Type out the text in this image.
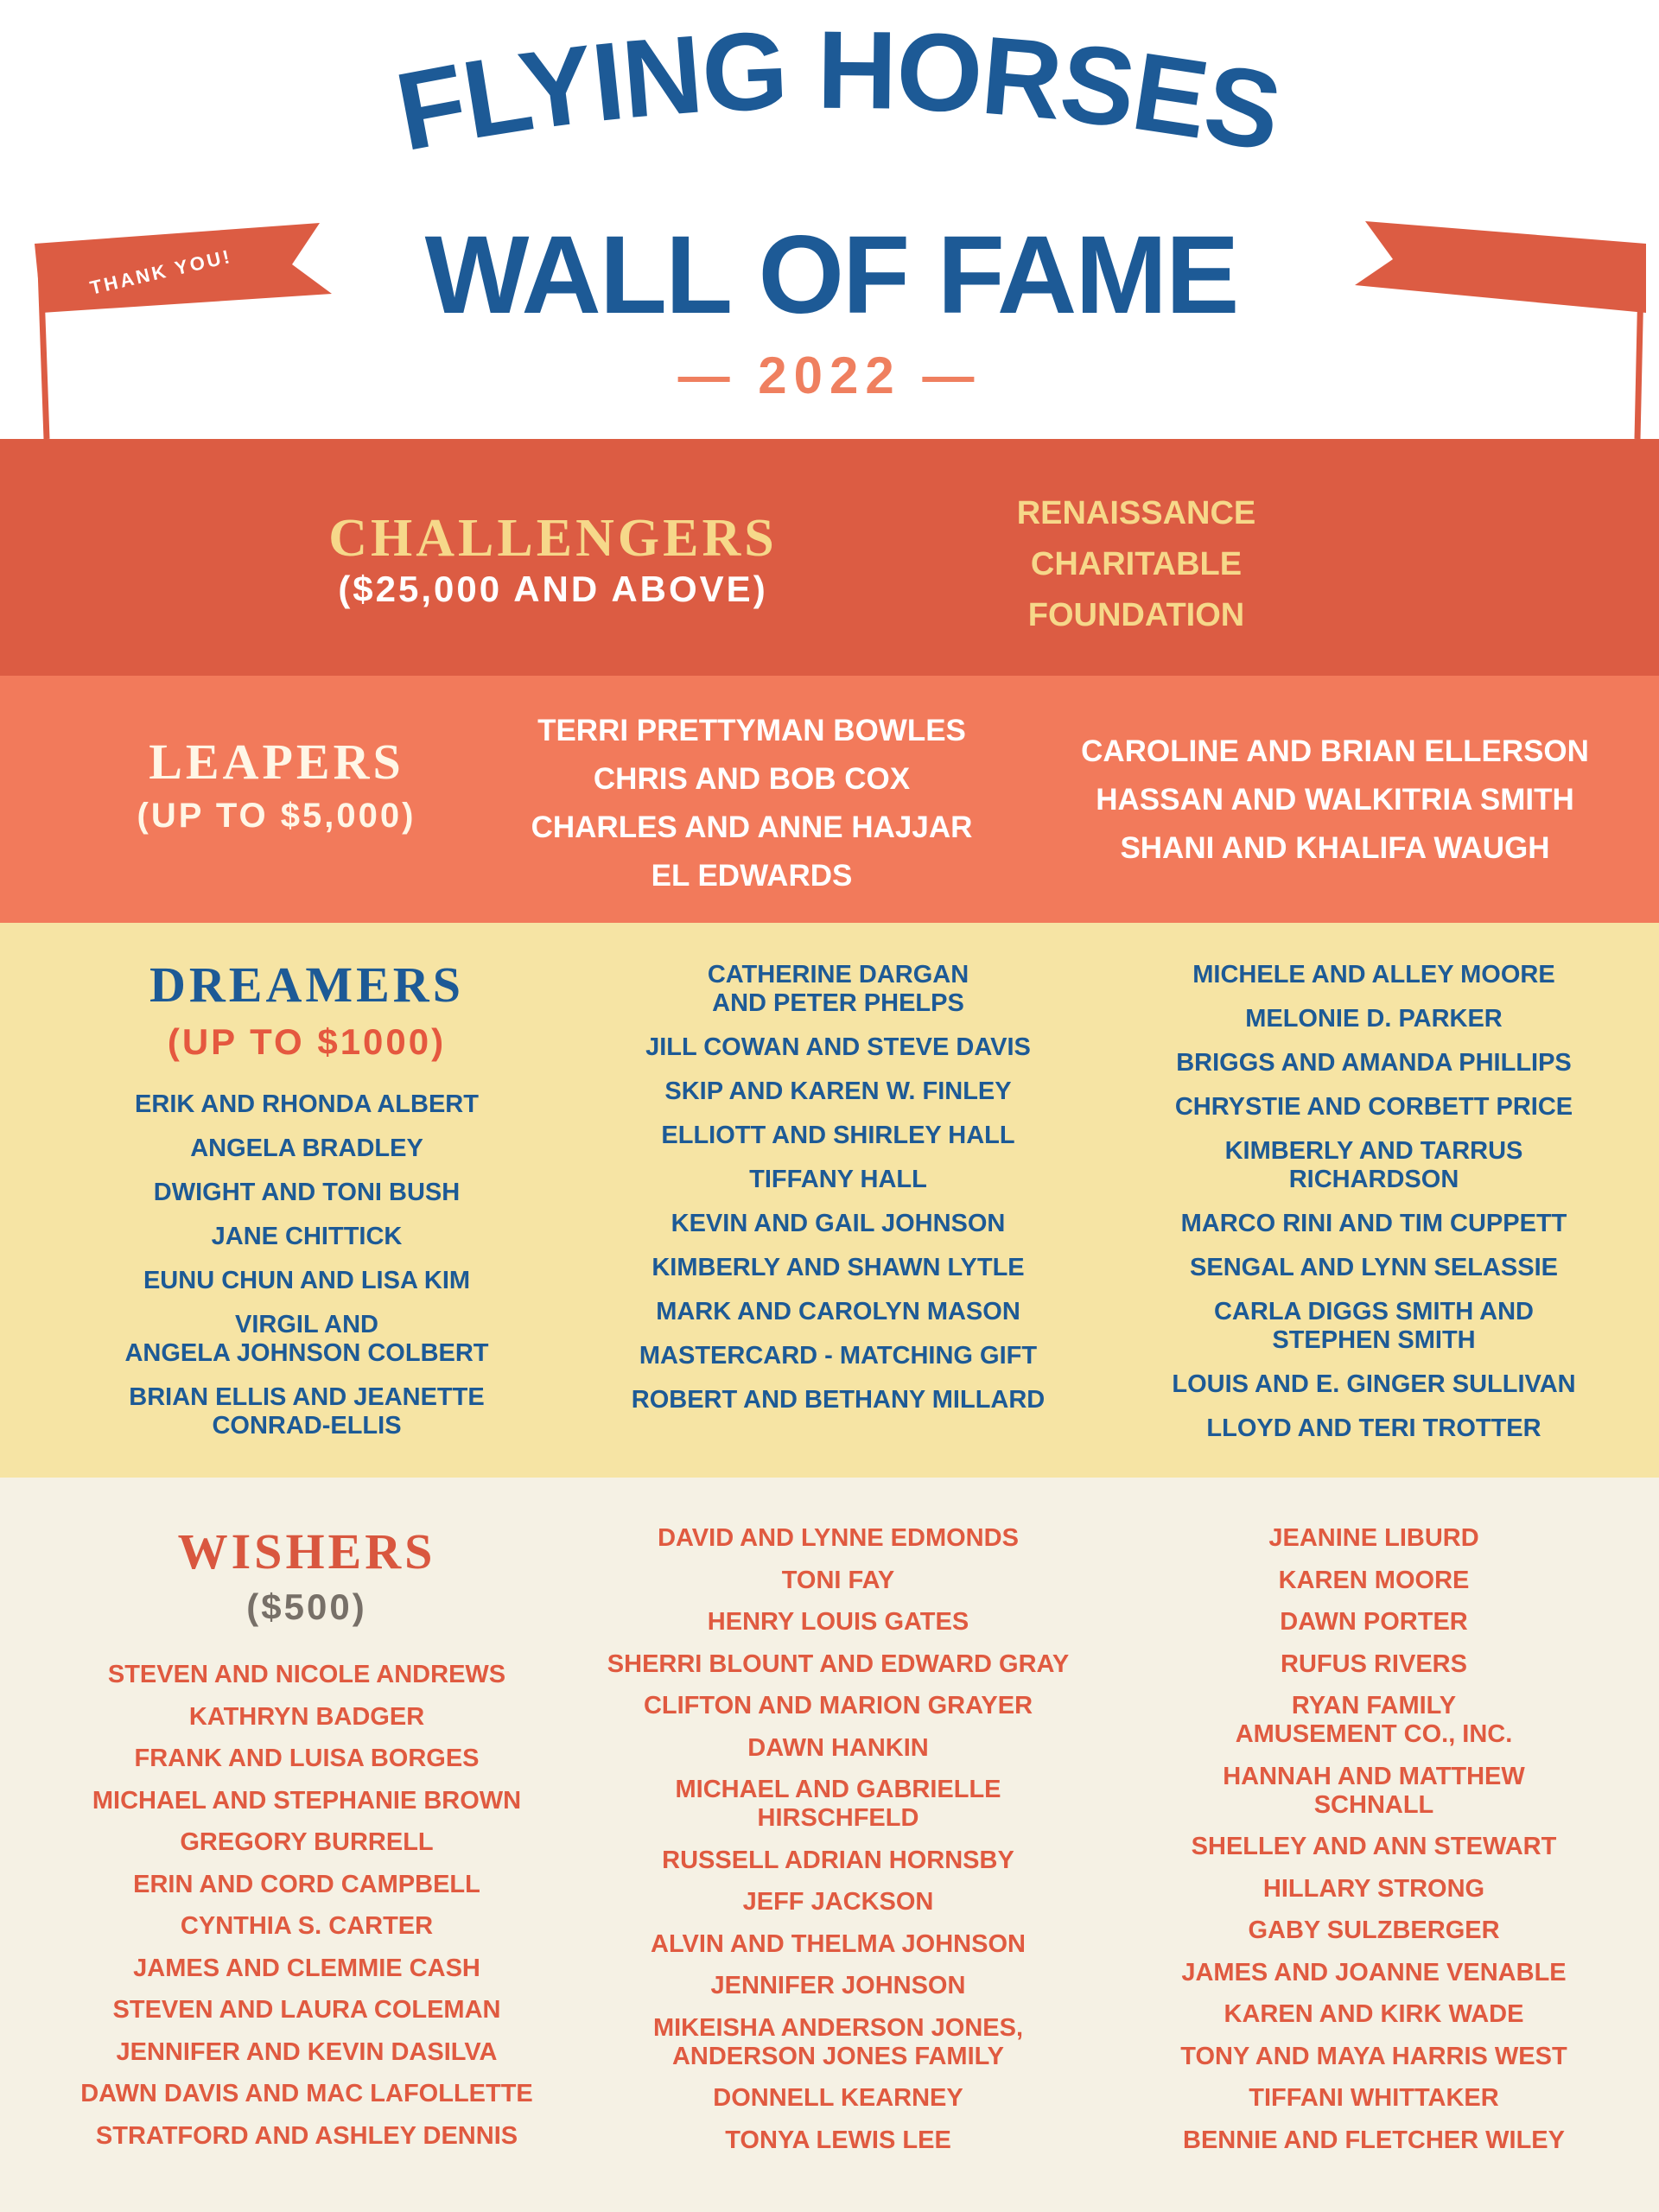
THANK YOU!
FLYING HORSES
WALL OF FAME
— 2022 —
CHALLENGERS
($25,000 AND ABOVE)
RENAISSANCE
CHARITABLE
FOUNDATION
LEAPERS
(UP TO $5,000)
TERRI PRETTYMAN BOWLES
CHRIS AND BOB COX
CHARLES AND ANNE HAJJAR
EL EDWARDS
CAROLINE AND BRIAN ELLERSON
HASSAN AND WALKITRIA SMITH
SHANI AND KHALIFA WAUGH
DREAMERS
(UP TO $1000)
ERIK AND RHONDA ALBERT
ANGELA BRADLEY
DWIGHT AND TONI BUSH
JANE CHITTICK
EUNU CHUN AND LISA KIM
VIRGIL AND
ANGELA JOHNSON COLBERT
BRIAN ELLIS AND JEANETTE
CONRAD-ELLIS
CATHERINE DARGAN
AND PETER PHELPS
JILL COWAN AND STEVE DAVIS
SKIP AND KAREN W. FINLEY
ELLIOTT AND SHIRLEY HALL
TIFFANY HALL
KEVIN AND GAIL JOHNSON
KIMBERLY AND SHAWN LYTLE
MARK AND CAROLYN MASON
MASTERCARD - MATCHING GIFT
ROBERT AND BETHANY MILLARD
MICHELE AND ALLEY MOORE
MELONIE D. PARKER
BRIGGS AND AMANDA PHILLIPS
CHRYSTIE AND CORBETT PRICE
KIMBERLY AND TARRUS
RICHARDSON
MARCO RINI AND TIM CUPPETT
SENGAL AND LYNN SELASSIE
CARLA DIGGS SMITH AND
STEPHEN SMITH
LOUIS AND E. GINGER SULLIVAN
LLOYD AND TERI TROTTER
WISHERS
($500)
STEVEN AND NICOLE ANDREWS
KATHRYN BADGER
FRANK AND LUISA BORGES
MICHAEL AND STEPHANIE BROWN
GREGORY BURRELL
ERIN AND CORD CAMPBELL
CYNTHIA S. CARTER
JAMES AND CLEMMIE CASH
STEVEN AND LAURA COLEMAN
JENNIFER AND KEVIN DASILVA
DAWN DAVIS AND MAC LAFOLLETTE
STRATFORD AND ASHLEY DENNIS
DAVID AND LYNNE EDMONDS
TONI FAY
HENRY LOUIS GATES
SHERRI BLOUNT AND EDWARD GRAY
CLIFTON AND MARION GRAYER
DAWN HANKIN
MICHAEL AND GABRIELLE
HIRSCHFELD
RUSSELL ADRIAN HORNSBY
JEFF JACKSON
ALVIN AND THELMA JOHNSON
JENNIFER JOHNSON
MIKEISHA ANDERSON JONES,
ANDERSON JONES FAMILY
DONNELL KEARNEY
TONYA LEWIS LEE
JEANINE LIBURD
KAREN MOORE
DAWN PORTER
RUFUS RIVERS
RYAN FAMILY
AMUSEMENT CO., INC.
HANNAH AND MATTHEW
SCHNALL
SHELLEY AND ANN STEWART
HILLARY STRONG
GABY SULZBERGER
JAMES AND JOANNE VENABLE
KAREN AND KIRK WADE
TONY AND MAYA HARRIS WEST
TIFFANI WHITTAKER
BENNIE AND FLETCHER WILEY
